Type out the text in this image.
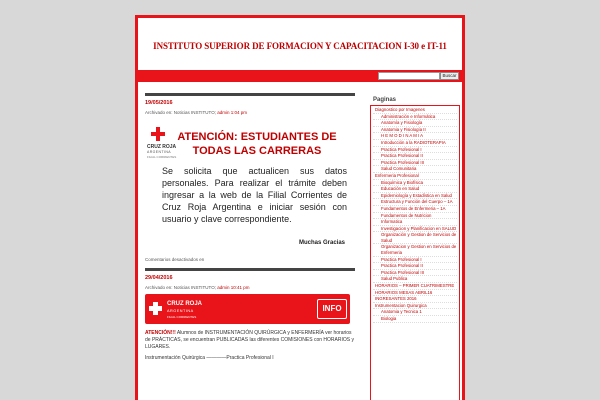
INSTITUTO SUPERIOR DE FORMACION Y CAPACITACION I-30 e IT-11
Buscar
19/05/2016
Archivado en: Noticias INSTITUTO; admin 1:04 pm
CRUZ ROJA
ARGENTINA
FILIAL CORRIENTES
ATENCIÓN: ESTUDIANTES DE TODAS LAS CARRERAS
Se solicita que actualicen sus datos personales. Para realizar el trámite deben ingresar a la web de la Filial Corrientes de Cruz Roja Argentina e iniciar sesión con usuario y clave correspondiente.
Muchas Gracias
Comentarios desactivados en
29/04/2016
Archivado en: Noticias INSTITUTO; admin 10:41 pm
CRUZ ROJA
ARGENTINA
FILIAL CORRIENTES
INFO
ATENCIÓN!!! Alumnos de INSTRUMENTACIÓN QUIRÚRGICA y ENFERMERÍA ver horarios de PRÁCTICAS, se encuentran PUBLICADAS las diferentes COMISIONES con HORARIOS y LUGARES.
Instrumentación Quirúrgica ————Practica Profesional I
Paginas
Diagnostico por Imagenes
Administración e Informática
Anatomía y Fisiología
Anatomia y Fisiología II
H E M O D I N A M I A
Introducción a la RADIOTERAPIA
Practica Profesional I
Practica Profesional II
Practica Profesional III
Salud Comunitaria
Enfermeria Profesional
Bioquímica y Biofísica
Educación en Salud
Epidemiología y Estadística en Salud
Estructura y Función del Cuerpo – 1A
Fundamentos de Enfermeria – 1A
Fundamentos de Nutricion
Informatica
Investigacion y Planificacion en SALUD
Organización y Gestion de Servicios de Salud
Organizacion y Gestion en Servicios de Enfermeria
Practica Profesional I
Practica Profesional II
Practica Profesional III
Salud Publica
HORARIOS – PRIMER CUATRIMESTRE
HORARIOS MESAS ABRIL16
INGRESANTES 2016
Instrumentacion Quirurgica
Anatomia y Tecnica 1
Biologia
